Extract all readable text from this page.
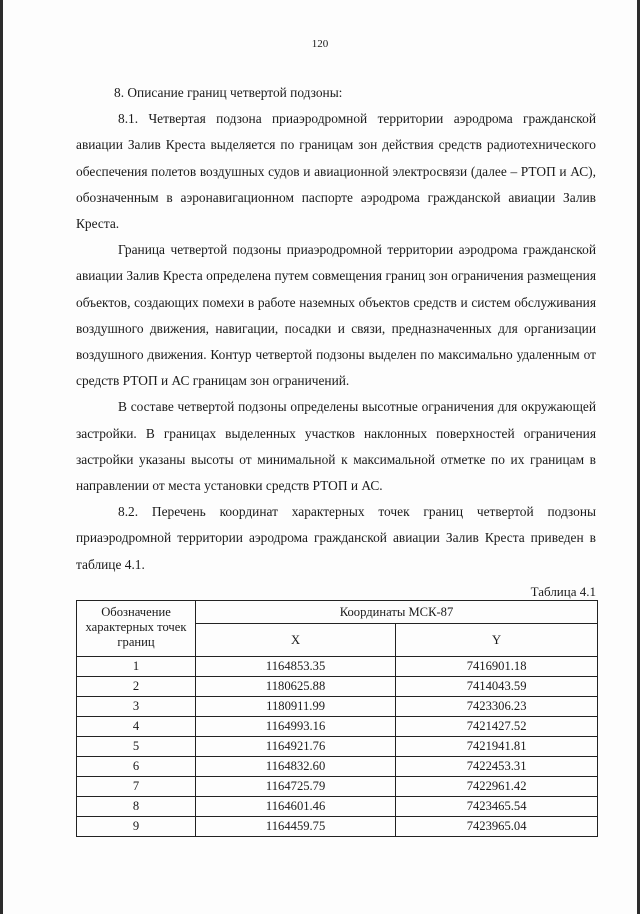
120

8. Описание границ четвертой подзоны:

8.1. Четвертая подзона приаэродромной территории аэродрома гражданской авиации Залив Креста выделяется по границам зон действия средств радиотехнического обеспечения полетов воздушных судов и авиационной электросвязи (далее – РТОП и АС), обозначенным в аэронавигационном паспорте аэродрома гражданской авиации Залив Креста.

Граница четвертой подзоны приаэродромной территории аэродрома гражданской авиации Залив Креста определена путем совмещения границ зон ограничения размещения объектов, создающих помехи в работе наземных объектов средств и систем обслуживания воздушного движения, навигации, посадки и связи, предназначенных для организации воздушного движения. Контур четвертой подзоны выделен по максимально удаленным от средств РТОП и АС границам зон ограничений.

В составе четвертой подзоны определены высотные ограничения для окружающей застройки. В границах выделенных участков наклонных поверхностей ограничения застройки указаны высоты от минимальной к максимальной отметке по их границам в направлении от места установки средств РТОП и АС.

8.2. Перечень координат характерных точек границ четвертой подзоны приаэродромной территории аэродрома гражданской авиации Залив Креста приведен в таблице 4.1.

Таблица 4.1
Обозначение характерных точек границ	Координаты МСК-87	
	X	Y
1	1164853.35	7416901.18
2	1180625.88	7414043.59
3	1180911.99	7423306.23
4	1164993.16	7421427.52
5	1164921.76	7421941.81
6	1164832.60	7422453.31
7	1164725.79	7422961.42
8	1164601.46	7423465.54
9	1164459.75	7423965.04
